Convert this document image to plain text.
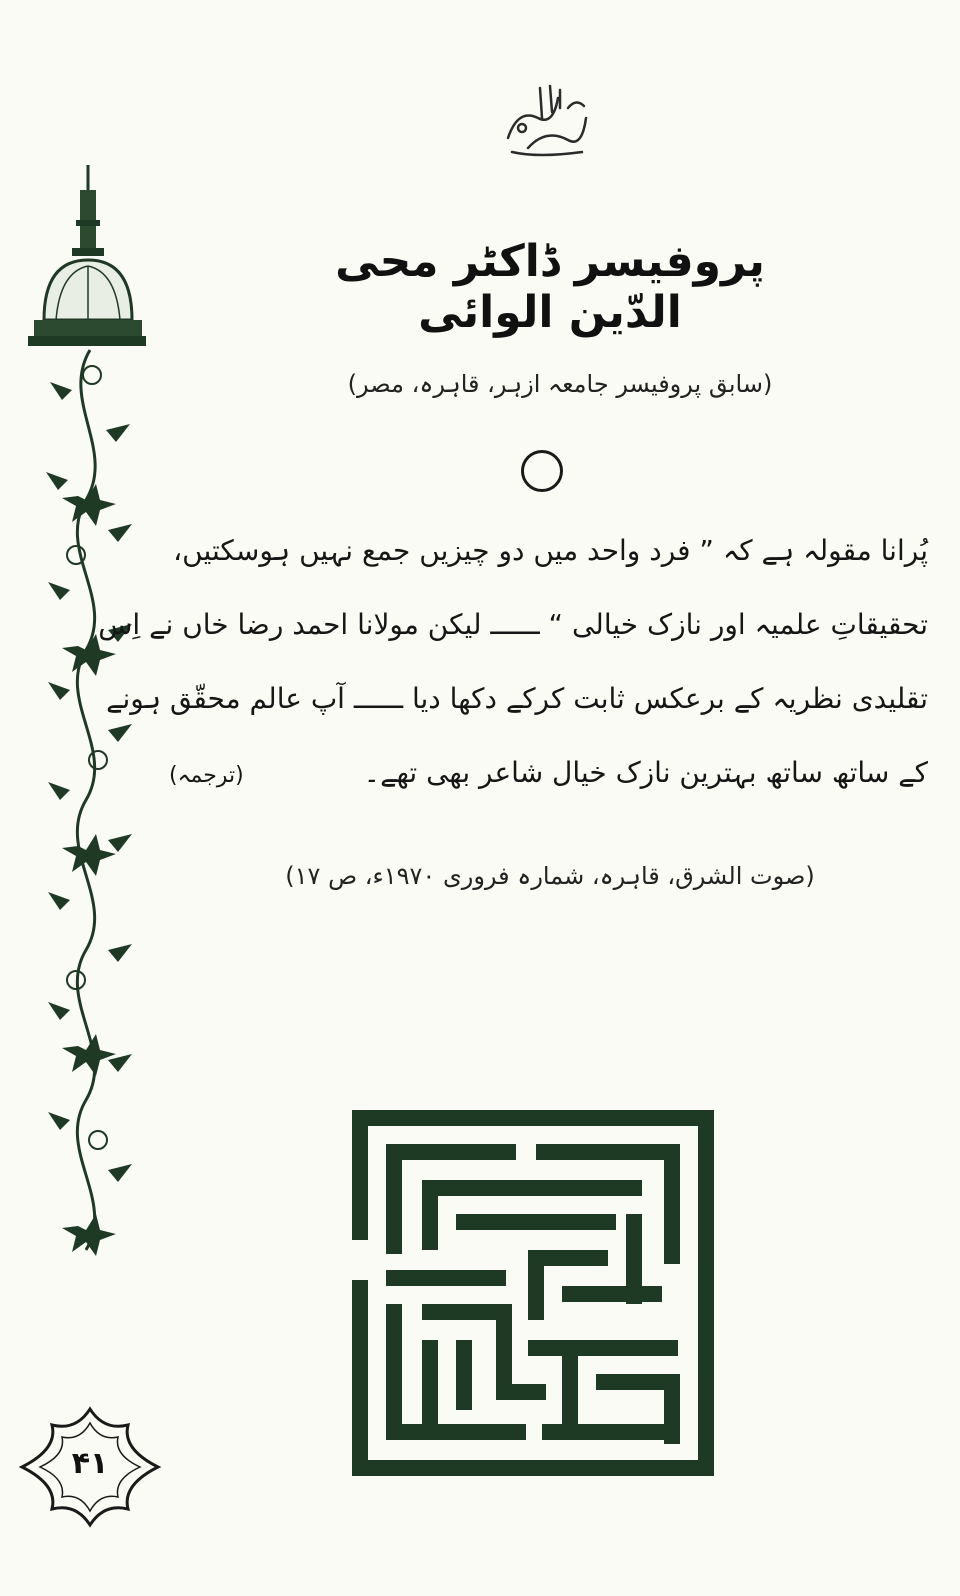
پروفیسر ڈاکٹر محی الدّین الوائی
(سابق پروفیسر جامعہ ازہر، قاہرہ، مصر)
پُرانا مقولہ ہے کہ ” فرد واحد میں دو چیزیں جمع نہیں ہوسکتیں،
تحقیقاتِ علمیہ اور نازک خیالی “ ــــــ لیکن مولانا احمد رضا خاں نے اِس
تقلیدی نظریہ کے برعکس ثابت کرکے دکھا دیا ــــــ آپ عالم محقّق ہونے
کے ساتھ ساتھ بہترین نازک خیال شاعر بھی تھے۔(ترجمہ)
(صوت الشرق، قاہرہ، شمارہ فروری ۱۹۷۰ء، ص ۱۷)
۴۱
